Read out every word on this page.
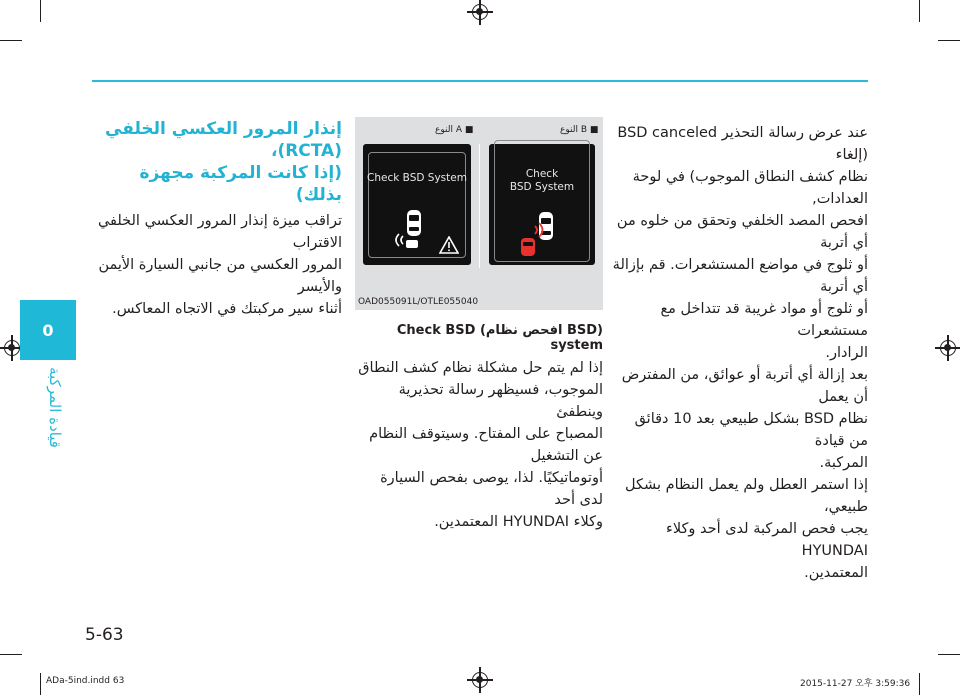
0
قيادة المركبة
عند عرض رسالة التحذير BSD canceled (إلغاء
نظام كشف النطاق الموجوب) في لوحة العدادات,
افحص المصد الخلفي وتحقق من خلوه من أي أتربة
أو ثلوج في مواضع المستشعرات. قم بإزالة أي أتربة
أو ثلوج أو مواد غريبة قد تتداخل مع مستشعرات
الرادار.
بعد إزالة أي أتربة أو عوائق، من المفترض أن يعمل
نظام BSD بشكل طبيعي بعد 10 دقائق من قيادة
المركبة.
إذا استمر العطل ولم يعمل النظام بشكل طبيعي،
يجب فحص المركبة لدى أحد وكلاء HYUNDAI
المعتمدين.
النوع A ■	النوع B ■
Check BSD System	Check
BSD System
OAD055091L/OTLE055040
(BSD افحص نظام) Check BSD system
إذا لم يتم حل مشكلة نظام كشف النطاق
الموجوب، فسيظهر رسالة تحذيرية وينطفئ
المصباح على المفتاح. وسيتوقف النظام عن التشغيل
أوتوماتيكيًا. لذا، يوصى بفحص السيارة لدى أحد
وكلاء HYUNDAI المعتمدين.
إنذار المرور العكسي الخلفي (RCTA)،
(إذا كانت المركبة مجهزة بذلك)
تراقب ميزة إنذار المرور العكسي الخلفي الاقتراب
المرور العكسي من جانبي السيارة الأيمن والأيسر
أثناء سير مركبتك في الاتجاه المعاكس.
5-63
ADa-5ind.indd 63	2015-11-27 오후 3:59:36
